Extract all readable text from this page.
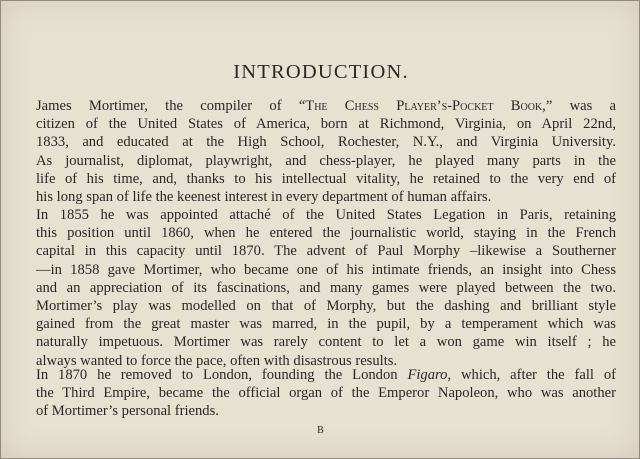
INTRODUCTION.
James Mortimer, the compiler of “The Chess Player’s-Pocket Book,” was a
citizen of the United States of America, born at Richmond, Virginia, on April 22nd,
1833, and educated at the High School, Rochester, N.Y., and Virginia University.
As journalist, diplomat, playwright, and chess-player, he played many parts in the
life of his time, and, thanks to his intellectual vitality, he retained to the very end of
his long span of life the keenest interest in every department of human affairs.
In 1855 he was appointed attaché of the United States Legation in Paris, retaining
this position until 1860, when he entered the journalistic world, staying in the French
capital in this capacity until 1870. The advent of Paul Morphy –likewise a Southerner
—in 1858 gave Mortimer, who became one of his intimate friends, an insight into Chess
and an appreciation of its fascinations, and many games were played between the two.
Mortimer’s play was modelled on that of Morphy, but the dashing and brilliant style
gained from the great master was marred, in the pupil, by a temperament which was
naturally impetuous. Mortimer was rarely content to let a won game win itself ; he
always wanted to force the pace, often with disastrous results.
In 1870 he removed to London, founding the London Figaro, which, after the fall of
the Third Empire, became the official organ of the Emperor Napoleon, who was another
of Mortimer’s personal friends.
B
